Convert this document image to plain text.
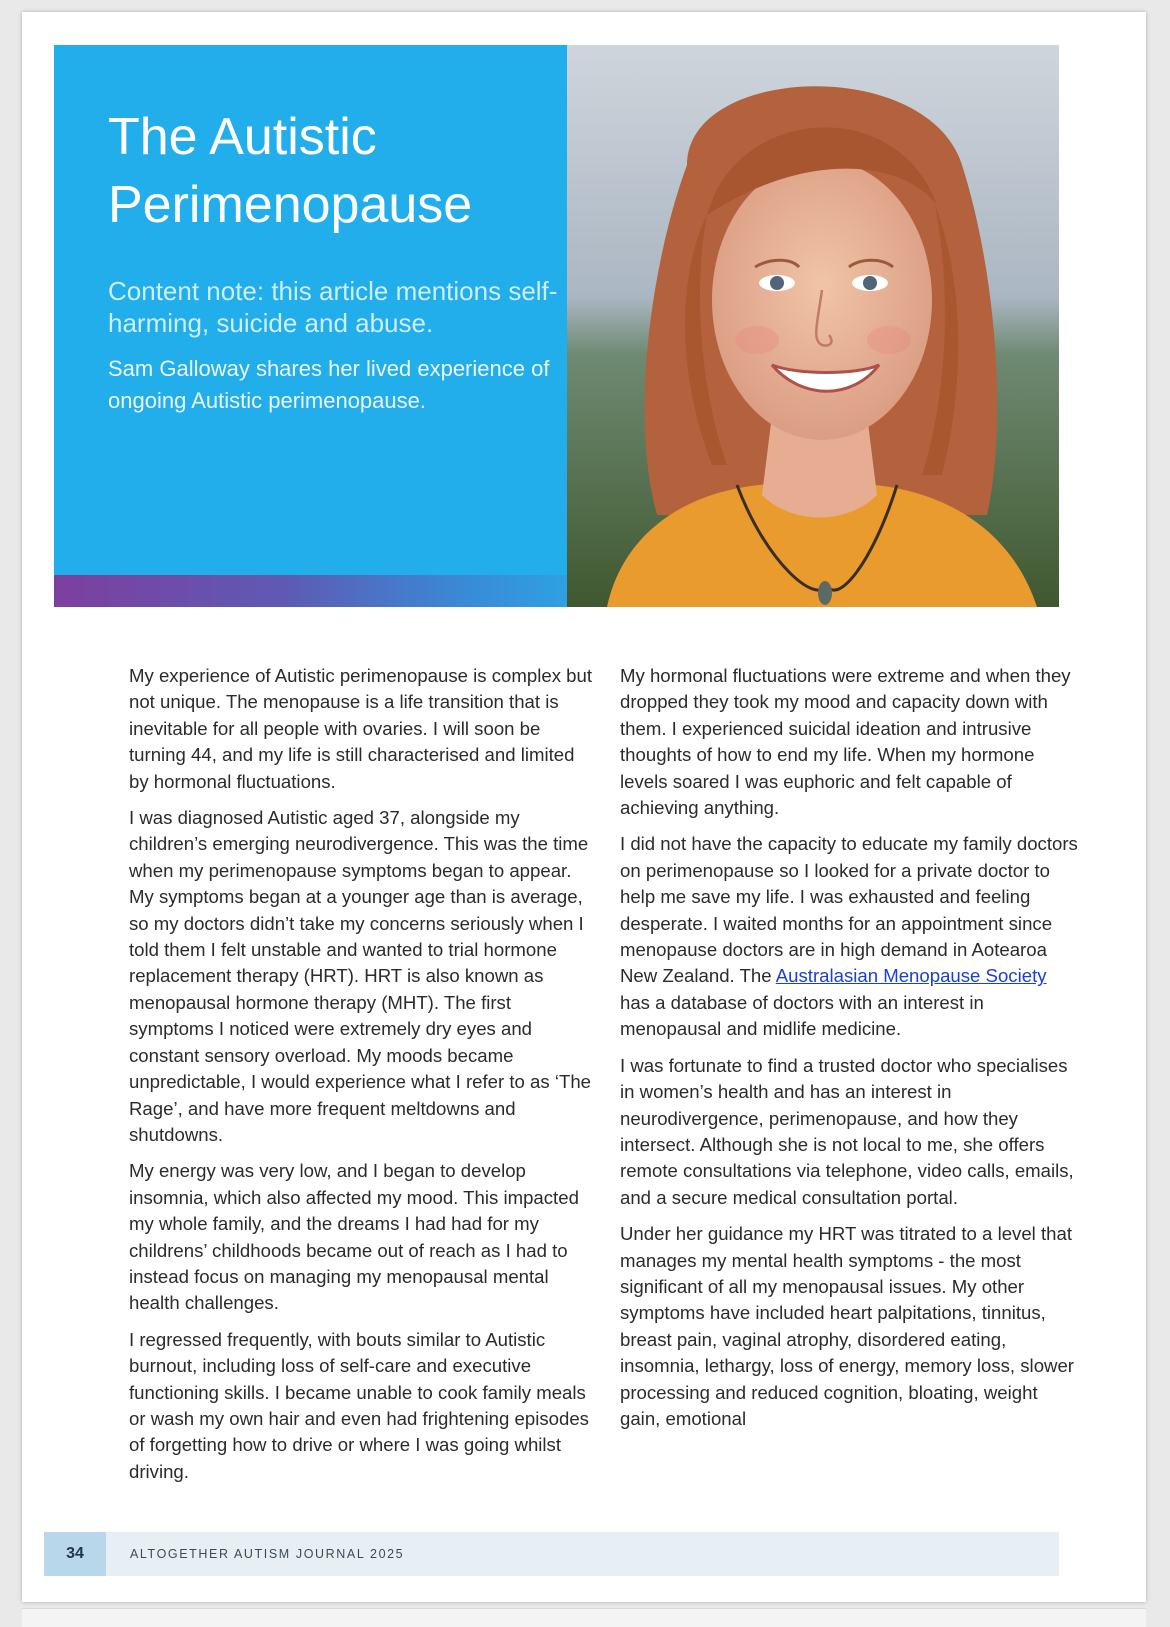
The Autistic
Perimenopause

Content note: this article mentions self-harming, suicide and abuse.

Sam Galloway shares her lived experience of ongoing Autistic perimenopause.

My experience of Autistic perimenopause is complex but not unique. The menopause is a life transition that is inevitable for all people with ovaries. I will soon be turning 44, and my life is still characterised and limited by hormonal fluctuations.

I was diagnosed Autistic aged 37, alongside my children’s emerging neurodivergence. This was the time when my perimenopause symptoms began to appear. My symptoms began at a younger age than is average, so my doctors didn’t take my concerns seriously when I told them I felt unstable and wanted to trial hormone replacement therapy (HRT). HRT is also known as menopausal hormone therapy (MHT). The first symptoms I noticed were extremely dry eyes and constant sensory overload. My moods became unpredictable, I would experience what I refer to as ‘The Rage’, and have more frequent meltdowns and shutdowns.

My energy was very low, and I began to develop insomnia, which also affected my mood. This impacted my whole family, and the dreams I had had for my childrens’ childhoods became out of reach as I had to instead focus on managing my menopausal mental health challenges.

I regressed frequently, with bouts similar to Autistic burnout, including loss of self-care and executive functioning skills. I became unable to cook family meals or wash my own hair and even had frightening episodes of forgetting how to drive or where I was going whilst driving.

My hormonal fluctuations were extreme and when they dropped they took my mood and capacity down with them. I experienced suicidal ideation and intrusive thoughts of how to end my life. When my hormone levels soared I was euphoric and felt capable of achieving anything.

I did not have the capacity to educate my family doctors on perimenopause so I looked for a private doctor to help me save my life. I was exhausted and feeling desperate. I waited months for an appointment since menopause doctors are in high demand in Aotearoa New Zealand. The Australasian Menopause Society has a database of doctors with an interest in menopausal and midlife medicine.

I was fortunate to find a trusted doctor who specialises in women’s health and has an interest in neurodivergence, perimenopause, and how they intersect. Although she is not local to me, she offers remote consultations via telephone, video calls, emails, and a secure medical consultation portal.

Under her guidance my HRT was titrated to a level that manages my mental health symptoms - the most significant of all my menopausal issues. My other symptoms have included heart palpitations, tinnitus, breast pain, vaginal atrophy, disordered eating, insomnia, lethargy, loss of energy, memory loss, slower processing and reduced cognition, bloating, weight gain, emotional

34	ALTOGETHER AUTISM JOURNAL 2025
